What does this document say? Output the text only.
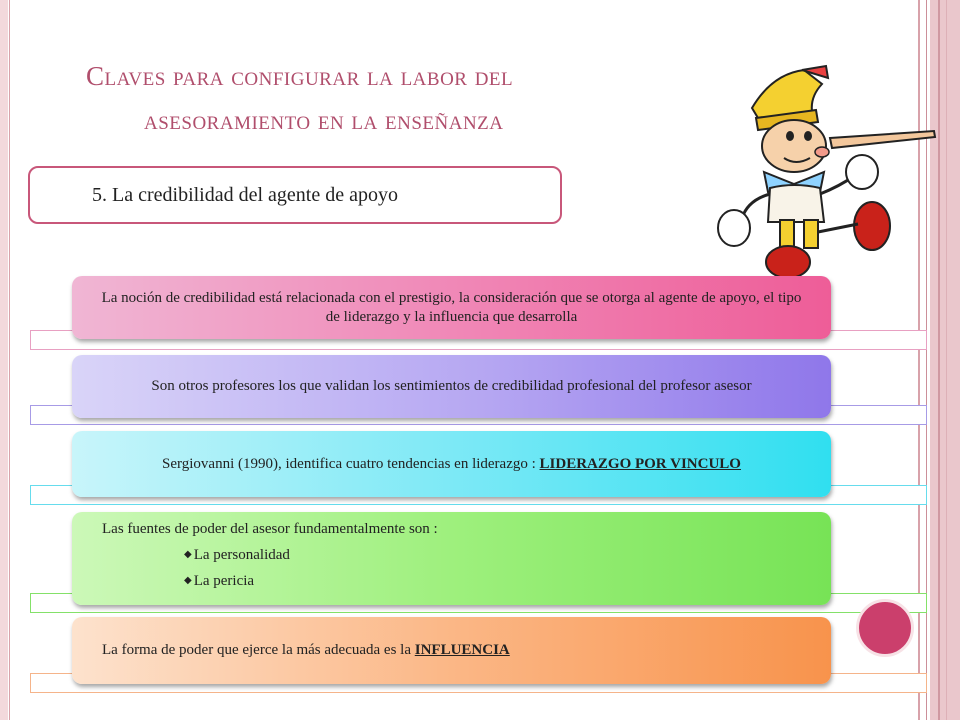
Claves para configurar la labor del
asesoramiento en la enseñanza
5. La credibilidad del agente de apoyo
La noción de credibilidad está relacionada con el prestigio, la consideración que se otorga al agente de apoyo, el tipo de liderazgo y la influencia que desarrolla
Son otros profesores los que validan los sentimientos de credibilidad profesional del profesor asesor
Sergiovanni (1990), identifica cuatro tendencias en liderazgo : LIDERAZGO POR VINCULO
Las fuentes de poder del asesor fundamentalmente son :
◆ La personalidad
◆ La pericia
La forma de poder que ejerce la más adecuada es la INFLUENCIA
